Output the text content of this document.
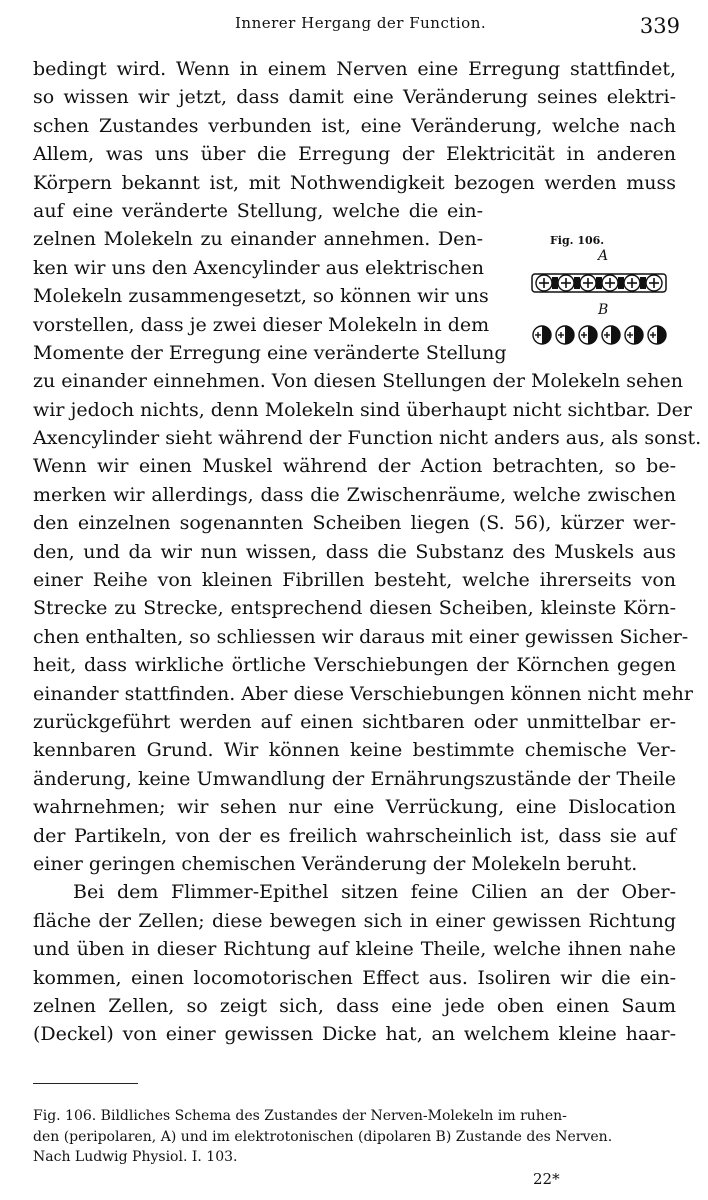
Innerer Hergang der Function.	339
bedingt wird. Wenn in einem Nerven eine Erregung stattfindet,
so wissen wir jetzt, dass damit eine Veränderung seines elektri-
schen Zustandes verbunden ist, eine Veränderung, welche nach
Allem, was uns über die Erregung der Elektricität in anderen
Körpern bekannt ist, mit Nothwendigkeit bezogen werden muss
auf eine veränderte Stellung, welche die ein-
zelnen Molekeln zu einander annehmen. Den-
ken wir uns den Axencylinder aus elektrischen
Molekeln zusammengesetzt, so können wir uns
vorstellen, dass je zwei dieser Molekeln in dem
Momente der Erregung eine veränderte Stellung
zu einander einnehmen. Von diesen Stellungen der Molekeln sehen
wir jedoch nichts, denn Molekeln sind überhaupt nicht sichtbar. Der
Axencylinder sieht während der Function nicht anders aus, als sonst.
Wenn wir einen Muskel während der Action betrachten, so be-
merken wir allerdings, dass die Zwischenräume, welche zwischen
den einzelnen sogenannten Scheiben liegen (S. 56), kürzer wer-
den, und da wir nun wissen, dass die Substanz des Muskels aus
einer Reihe von kleinen Fibrillen besteht, welche ihrerseits von
Strecke zu Strecke, entsprechend diesen Scheiben, kleinste Körn-
chen enthalten, so schliessen wir daraus mit einer gewissen Sicher-
heit, dass wirkliche örtliche Verschiebungen der Körnchen gegen
einander stattfinden. Aber diese Verschiebungen können nicht mehr
zurückgeführt werden auf einen sichtbaren oder unmittelbar er-
kennbaren Grund. Wir können keine bestimmte chemische Ver-
änderung, keine Umwandlung der Ernährungszustände der Theile
wahrnehmen; wir sehen nur eine Verrückung, eine Dislocation
der Partikeln, von der es freilich wahrscheinlich ist, dass sie auf
einer geringen chemischen Veränderung der Molekeln beruht.
Bei dem Flimmer-Epithel sitzen feine Cilien an der Ober-
fläche der Zellen; diese bewegen sich in einer gewissen Richtung
und üben in dieser Richtung auf kleine Theile, welche ihnen nahe
kommen, einen locomotorischen Effect aus. Isoliren wir die ein-
zelnen Zellen, so zeigt sich, dass eine jede oben einen Saum
(Deckel) von einer gewissen Dicke hat, an welchem kleine haar-
Fig. 106.
A
B

Fig. 106. Bildliches Schema des Zustandes der Nerven-Molekeln im ruhen-
den (peripolaren, A) und im elektrotonischen (dipolaren B) Zustande des Nerven.
Nach Ludwig Physiol. I. 103.

22*
